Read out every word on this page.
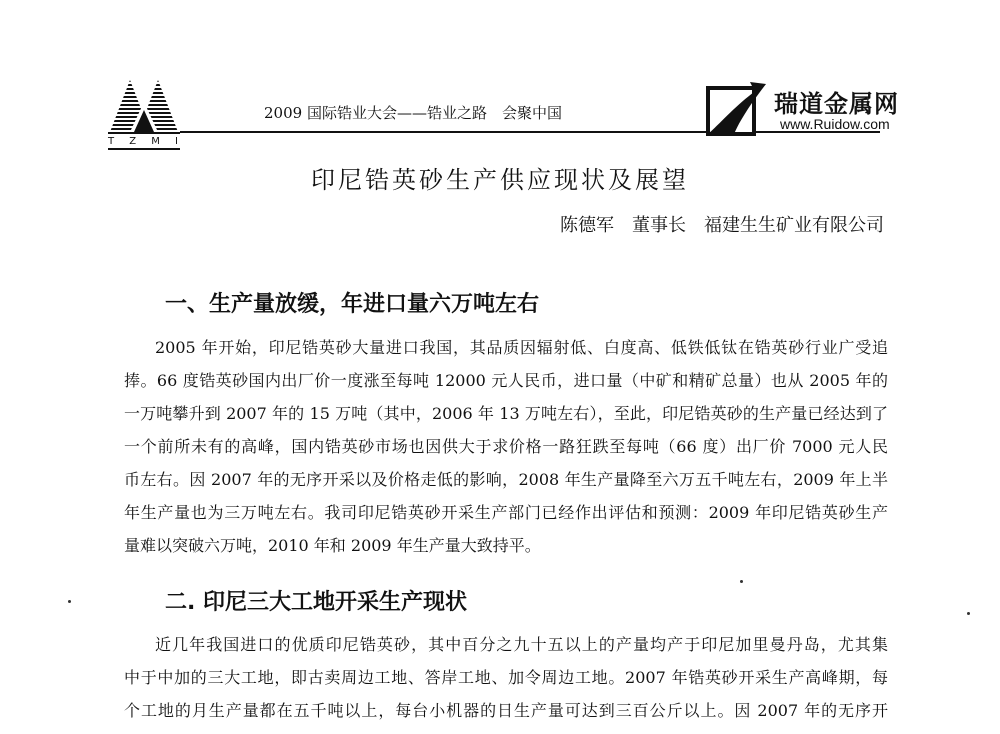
T Z M I
2009 国际锆业大会——锆业之路　会聚中国	瑞道金属网
www.Ruidow.com
印尼锆英砂生产供应现状及展望
陈德军 董事长 福建生生矿业有限公司
一、生产量放缓，年进口量六万吨左右
2005 年开始，印尼锆英砂大量进口我国，其品质因辐射低、白度高、低铁低钛在锆英砂行业广受追
捧。66 度锆英砂国内出厂价一度涨至每吨 12000 元人民币，进口量（中矿和精矿总量）也从 2005 年的
一万吨攀升到 2007 年的 15 万吨（其中，2006 年 13 万吨左右），至此，印尼锆英砂的生产量已经达到了
一个前所未有的高峰，国内锆英砂市场也因供大于求价格一路狂跌至每吨（66 度）出厂价 7000 元人民
币左右。因 2007 年的无序开采以及价格走低的影响，2008 年生产量降至六万五千吨左右，2009 年上半
年生产量也为三万吨左右。我司印尼锆英砂开采生产部门已经作出评估和预测：2009 年印尼锆英砂生产
量难以突破六万吨，2010 年和 2009 年生产量大致持平。
二. 印尼三大工地开采生产现状
近几年我国进口的优质印尼锆英砂，其中百分之九十五以上的产量均产于印尼加里曼丹岛，尤其集
中于中加的三大工地，即古卖周边工地、答岸工地、加令周边工地。2007 年锆英砂开采生产高峰期，每
个工地的月生产量都在五千吨以上，每台小机器的日生产量可达到三百公斤以上。因 2007 年的无序开
